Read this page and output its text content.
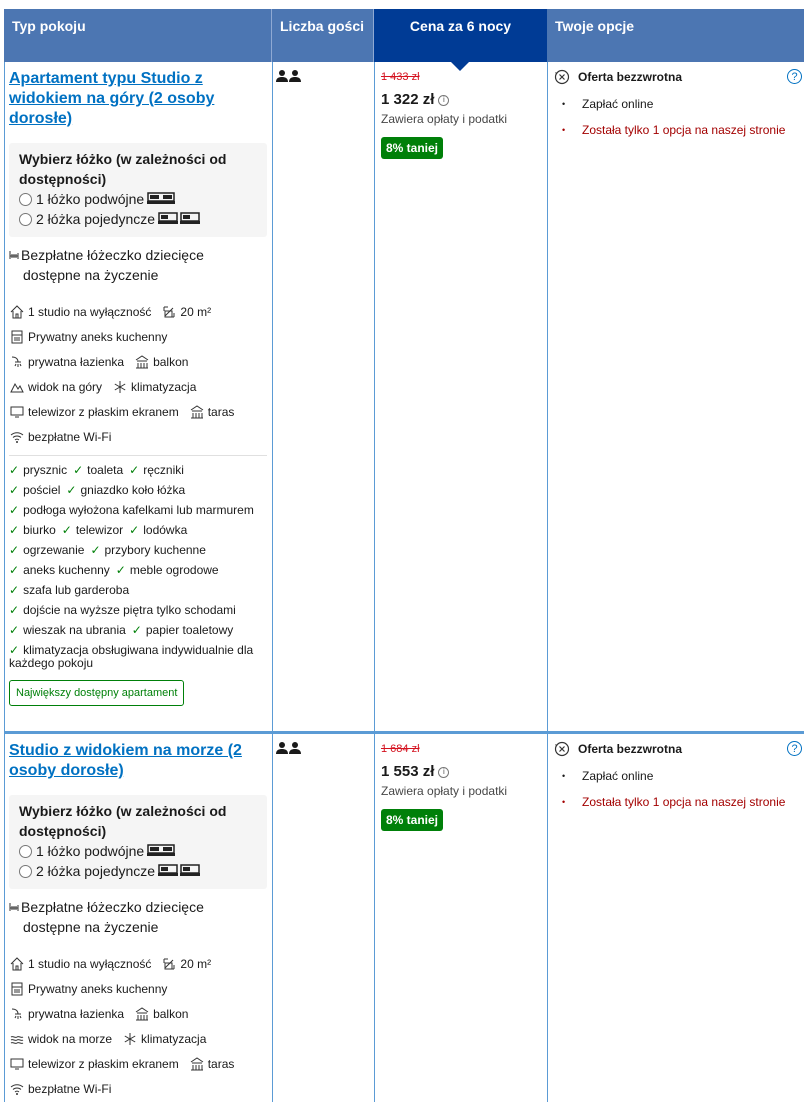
Typ pokoju	Liczba gości	Cena za 6 nocy	Twoje opcje
Apartament typu Studio z widokiem na góry (2 osoby dorosłe)
Wybierz łóżko (w zależności od dostępności)
1 łóżko podwójne
2 łóżka pojedyncze
Bezpłatne łóżeczko dziecięce
dostępne na życzenie
1 studio na wyłączność 20 m²
Prywatny aneks kuchenny
prywatna łazienka balkon
widok na góry klimatyzacja
telewizor z płaskim ekranem taras
bezpłatne Wi-Fi
✓ prysznic ✓ toaleta ✓ ręczniki
✓ pościel ✓ gniazdko koło łóżka
✓ podłoga wyłożona kafelkami lub marmurem
✓ biurko ✓ telewizor ✓ lodówka
✓ ogrzewanie ✓ przybory kuchenne
✓ aneks kuchenny ✓ meble ogrodowe
✓ szafa lub garderoba
✓ dojście na wyższe piętra tylko schodami
✓ wieszak na ubrania ✓ papier toaletowy
✓ klimatyzacja obsługiwana indywidualnie dla każdego pokoju
Największy dostępny apartament
1 433 zł
1 322 zł	i
Zawiera opłaty i podatki
8% taniej
Oferta bezzwrotna	?
• Zapłać online
• Została tylko 1 opcja na naszej stronie
Studio z widokiem na morze (2 osoby dorosłe)
Wybierz łóżko (w zależności od dostępności)
1 łóżko podwójne
2 łóżka pojedyncze
Bezpłatne łóżeczko dziecięce
dostępne na życzenie
1 studio na wyłączność 20 m²
Prywatny aneks kuchenny
prywatna łazienka balkon
widok na morze klimatyzacja
telewizor z płaskim ekranem taras
bezpłatne Wi-Fi
1 684 zł
1 553 zł	i
Zawiera opłaty i podatki
8% taniej
Oferta bezzwrotna	?
• Zapłać online
• Została tylko 1 opcja na naszej stronie
